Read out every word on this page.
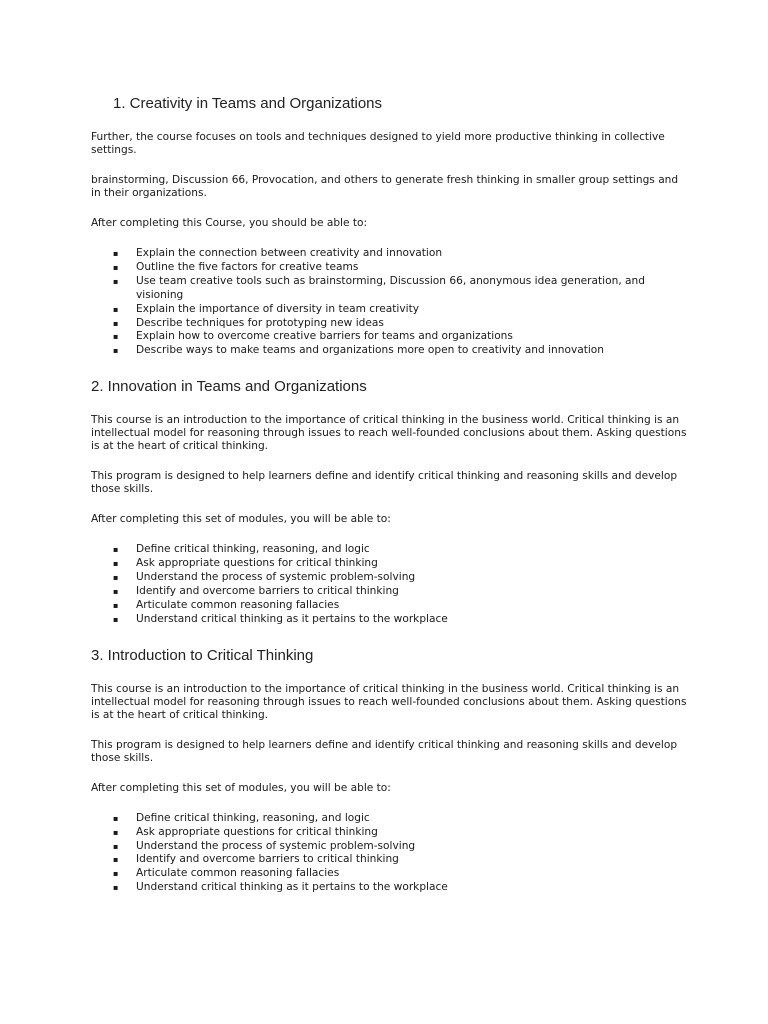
1. Creativity in Teams and Organizations

Further, the course focuses on tools and techniques designed to yield more productive thinking in collective settings.

brainstorming, Discussion 66, Provocation, and others to generate fresh thinking in smaller group settings and in their organizations.

After completing this Course, you should be able to:

▪ Explain the connection between creativity and innovation
▪ Outline the five factors for creative teams
▪ Use team creative tools such as brainstorming, Discussion 66, anonymous idea generation, and visioning
▪ Explain the importance of diversity in team creativity
▪ Describe techniques for prototyping new ideas
▪ Explain how to overcome creative barriers for teams and organizations
▪ Describe ways to make teams and organizations more open to creativity and innovation
2. Innovation in Teams and Organizations

This course is an introduction to the importance of critical thinking in the business world. Critical thinking is an intellectual model for reasoning through issues to reach well-founded conclusions about them. Asking questions is at the heart of critical thinking.

This program is designed to help learners define and identify critical thinking and reasoning skills and develop those skills.

After completing this set of modules, you will be able to:

▪ Define critical thinking, reasoning, and logic
▪ Ask appropriate questions for critical thinking
▪ Understand the process of systemic problem-solving
▪ Identify and overcome barriers to critical thinking
▪ Articulate common reasoning fallacies
▪ Understand critical thinking as it pertains to the workplace
3. Introduction to Critical Thinking

This course is an introduction to the importance of critical thinking in the business world. Critical thinking is an intellectual model for reasoning through issues to reach well-founded conclusions about them. Asking questions is at the heart of critical thinking.

This program is designed to help learners define and identify critical thinking and reasoning skills and develop those skills.

After completing this set of modules, you will be able to:

▪ Define critical thinking, reasoning, and logic
▪ Ask appropriate questions for critical thinking
▪ Understand the process of systemic problem-solving
▪ Identify and overcome barriers to critical thinking
▪ Articulate common reasoning fallacies
▪ Understand critical thinking as it pertains to the workplace
